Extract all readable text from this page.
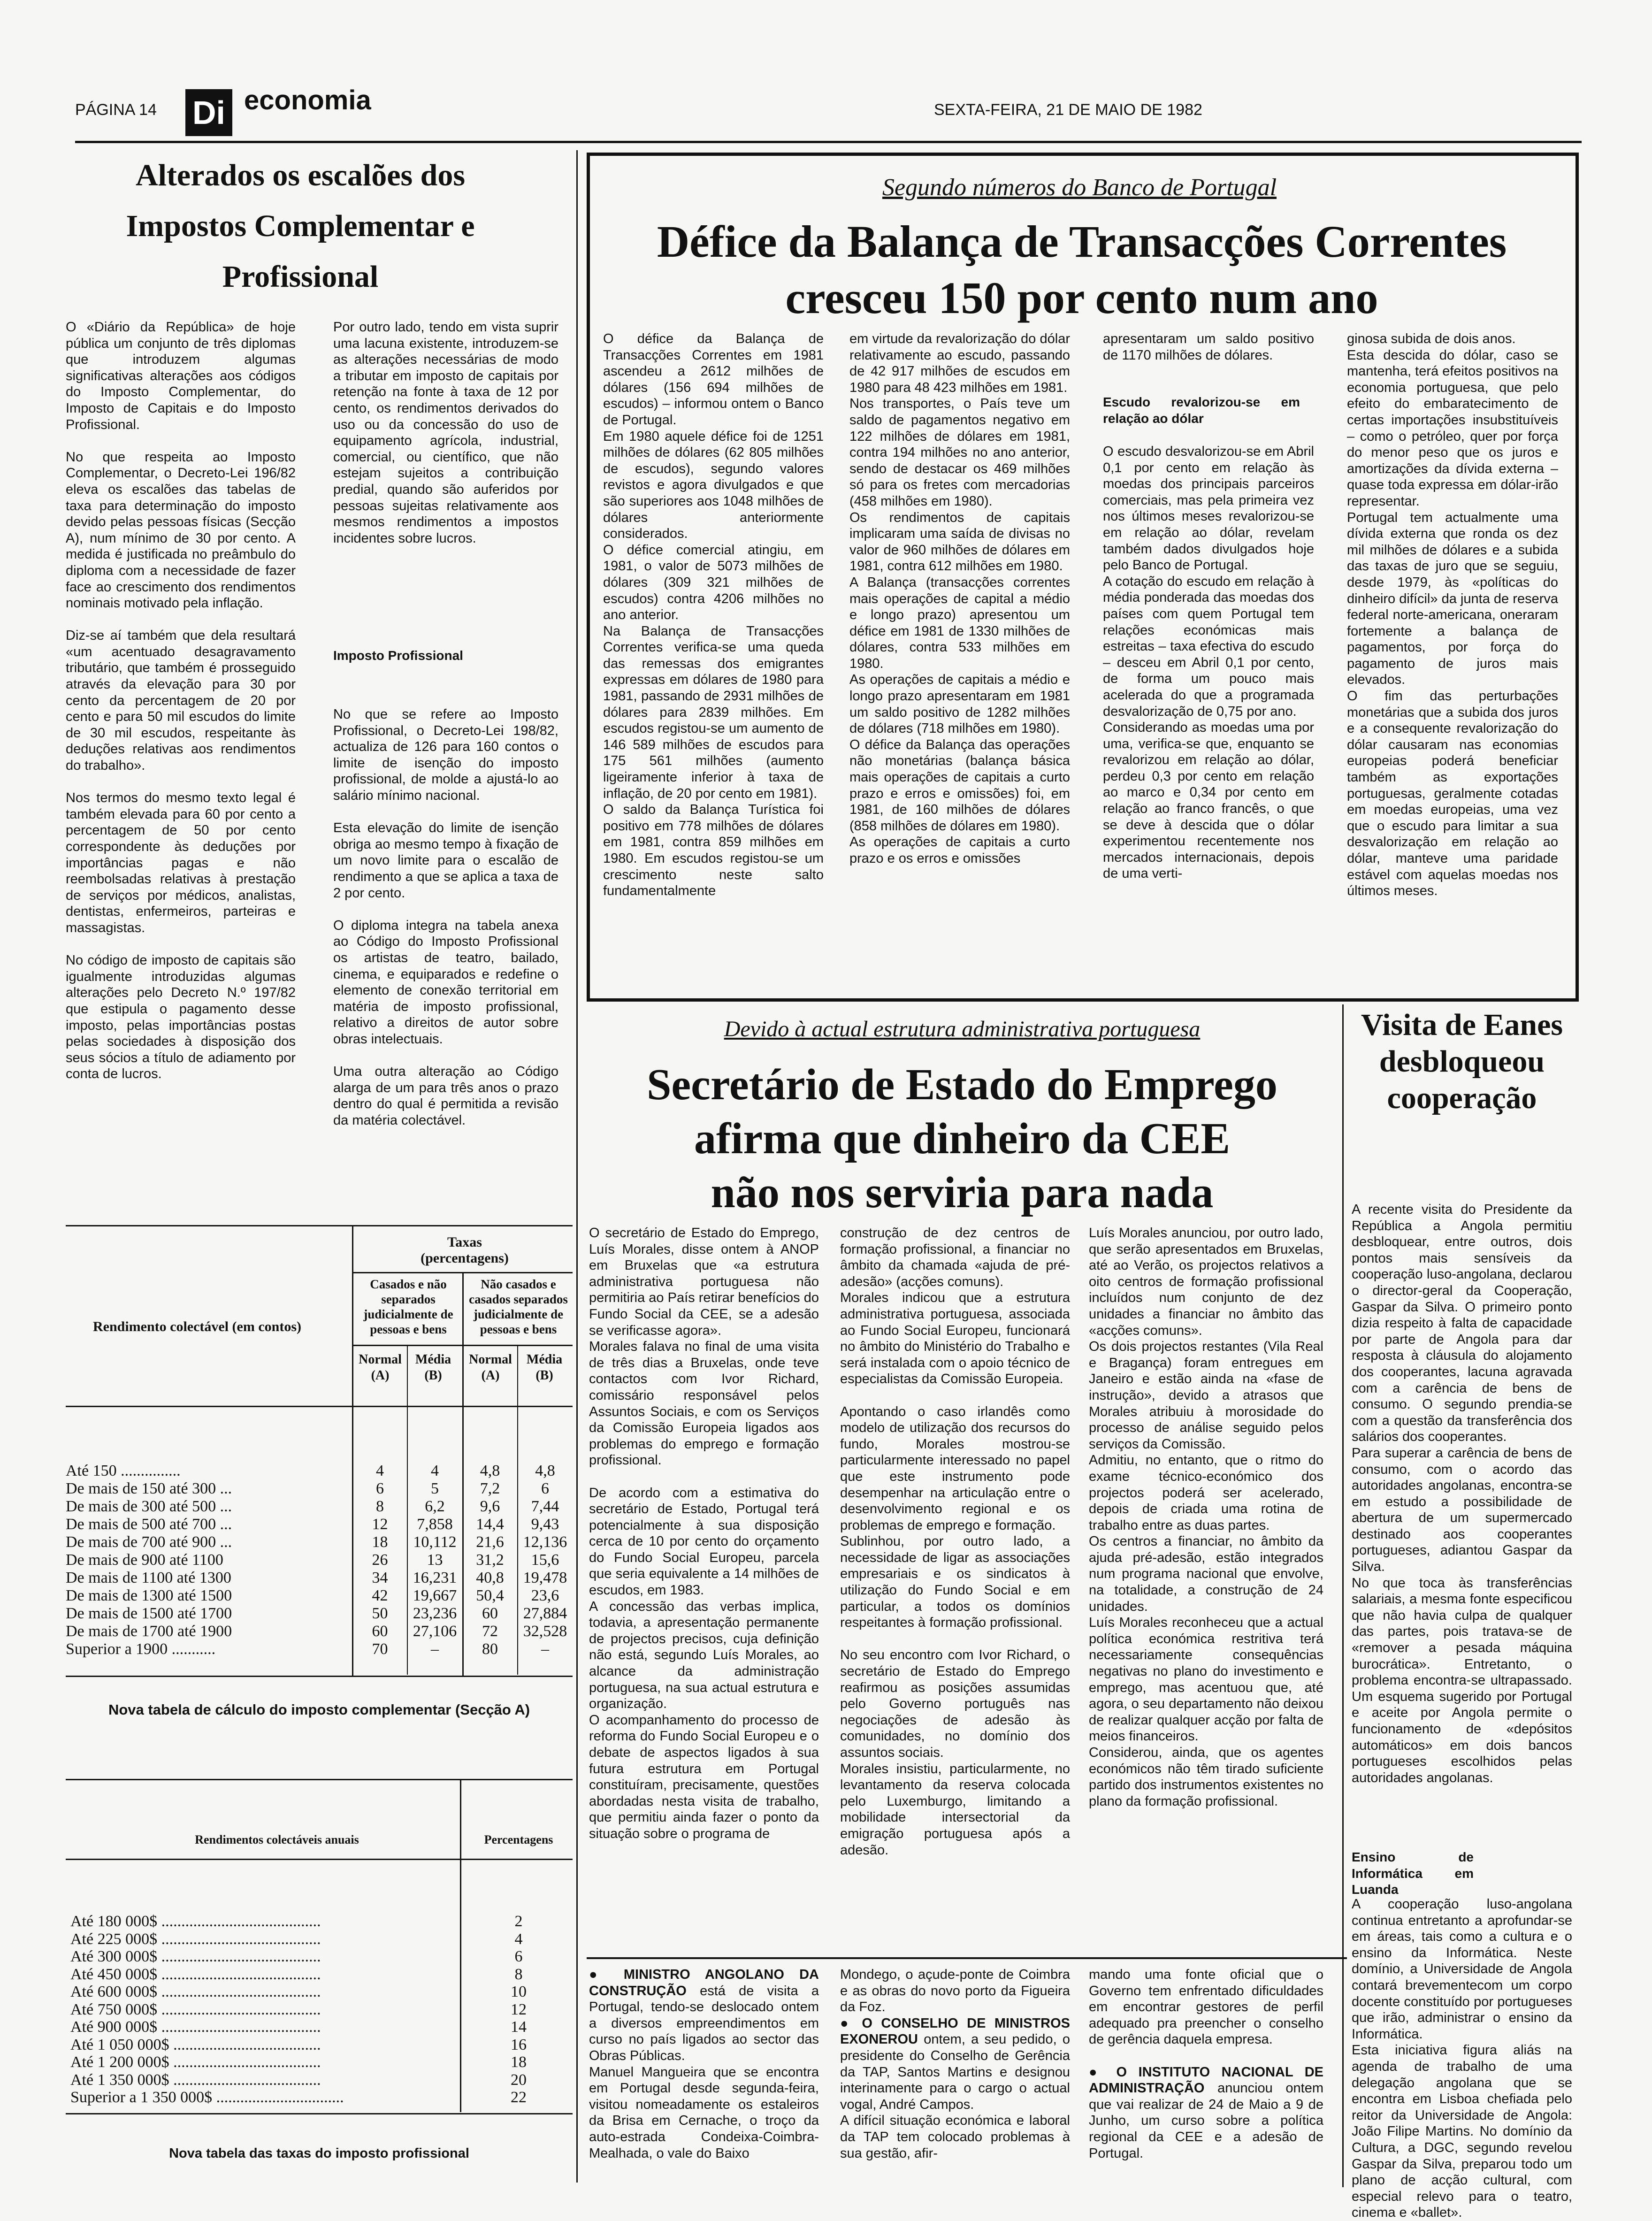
PÁGINA 14 Di economia	SEXTA-FEIRA, 21 DE MAIO DE 1982
Alterados os escalões dos Impostos Complementar e Profissional
O «Diário da República» de hoje pública um conjunto de três diplomas que introduzem algumas significativas alterações aos códigos do Imposto Complementar, do Imposto de Capitais e do Imposto Profissional.

No que respeita ao Imposto Complementar, o Decreto-Lei 196/82 eleva os escalões das tabelas de taxa para determinação do imposto devido pelas pessoas físicas (Secção A), num mínimo de 30 por cento. A medida é justificada no preâmbulo do diploma com a necessidade de fazer face ao crescimento dos rendimentos nominais motivado pela inflação.

Diz-se aí também que dela resultará «um acentuado desagravamento tributário, que também é prosseguido através da elevação para 30 por cento da percentagem de 20 por cento e para 50 mil escudos do limite de 30 mil escudos, respeitante às deduções relativas aos rendimentos do trabalho».

Nos termos do mesmo texto legal é também elevada para 60 por cento a percentagem de 50 por cento correspondente às deduções por importâncias pagas e não reembolsadas relativas à prestação de serviços por médicos, analistas, dentistas, enfermeiros, parteiras e massagistas.

No código de imposto de capitais são igualmente introduzidas algumas alterações pelo Decreto N.º 197/82 que estipula o pagamento desse imposto, pelas importâncias postas pelas sociedades à disposição dos seus sócios a título de adiamento por conta de lucros.
Por outro lado, tendo em vista suprir uma lacuna existente, introduzem-se as alterações necessárias de modo a tributar em imposto de capitais por retenção na fonte à taxa de 12 por cento, os rendimentos derivados do uso ou da concessão do uso de equipamento agrícola, industrial, comercial, ou científico, que não estejam sujeitos a contribuição predial, quando são auferidos por pessoas sujeitas relativamente aos mesmos rendimentos a impostos incidentes sobre lucros.
Imposto Profissional
No que se refere ao Imposto Profissional, o Decreto-Lei 198/82, actualiza de 126 para 160 contos o limite de isenção do imposto profissional, de molde a ajustá-lo ao salário mínimo nacional.

Esta elevação do limite de isenção obriga ao mesmo tempo à fixação de um novo limite para o escalão de rendimento a que se aplica a taxa de 2 por cento.

O diploma integra na tabela anexa ao Código do Imposto Profissional os artistas de teatro, bailado, cinema, e equiparados e redefine o elemento de conexão territorial em matéria de imposto profissional, relativo a direitos de autor sobre obras intelectuais.

Uma outra alteração ao Código alarga de um para três anos o prazo dentro do qual é permitida a revisão da matéria colectável.
Rendimento colectável (em contos)
Taxas (percentagens)
Casados e não separados judicialmente de pessoas e bens
Não casados e casados separados judicialmente de pessoas e bens
Normal (A)
Média (B)
Normal (A)
Média (B)
Até 150 ...............	4	4	4,8	4,8
De mais de 150 até 300 ...	6	5	7,2	6
De mais de 300 até 500 ...	8	6,2	9,6	7,44
De mais de 500 até 700 ...	12	7,858	14,4	9,43
De mais de 700 até 900 ...	18	10,112	21,6	12,136
De mais de 900 até 1100	26	13	31,2	15,6
De mais de 1100 até 1300	34	16,231	40,8	19,478
De mais de 1300 até 1500	42	19,667	50,4	23,6
De mais de 1500 até 1700	50	23,236	60	27,884
De mais de 1700 até 1900	60	27,106	72	32,528
Superior a 1900 ...........	70	–	80	–
Nova tabela de cálculo do imposto complementar (Secção A)
Rendimentos colectáveis anuais	Percentagens
Até 180 000$ ........................................	2
Até 225 000$ ........................................	4
Até 300 000$ ........................................	6
Até 450 000$ ........................................	8
Até 600 000$ ........................................	10
Até 750 000$ ........................................	12
Até 900 000$ ........................................	14
Até 1 050 000$ .....................................	16
Até 1 200 000$ .....................................	18
Até 1 350 000$ .....................................	20
Superior a 1 350 000$ ................................	22
Nova tabela das taxas do imposto profissional
Segundo números do Banco de Portugal
Défice da Balança de Transacções Correntes
cresceu 150 por cento num ano
O défice da Balança de Transacções Correntes em 1981 ascendeu a 2612 milhões de dólares (156 694 milhões de escudos) – informou ontem o Banco de Portugal.
Em 1980 aquele défice foi de 1251 milhões de dólares (62 805 milhões de escudos), segundo valores revistos e agora divulgados e que são superiores aos 1048 milhões de dólares anteriormente considerados.
O défice comercial atingiu, em 1981, o valor de 5073 milhões de dólares (309 321 milhões de escudos) contra 4206 milhões no ano anterior.
Na Balança de Transacções Correntes verifica-se uma queda das remessas dos emigrantes expressas em dólares de 1980 para 1981, passando de 2931 milhões de dólares para 2839 milhões. Em escudos registou-se um aumento de 146 589 milhões de escudos para 175 561 milhões (aumento ligeiramente inferior à taxa de inflação, de 20 por cento em 1981).
O saldo da Balança Turística foi positivo em 778 milhões de dólares em 1981, contra 859 milhões em 1980. Em escudos registou-se um crescimento neste salto fundamentalmente
em virtude da revalorização do dólar relativamente ao escudo, passando de 42 917 milhões de escudos em 1980 para 48 423 milhões em 1981.
Nos transportes, o País teve um saldo de pagamentos negativo em 122 milhões de dólares em 1981, contra 194 milhões no ano anterior, sendo de destacar os 469 milhões só para os fretes com mercadorias (458 milhões em 1980).
Os rendimentos de capitais implicaram uma saída de divisas no valor de 960 milhões de dólares em 1981, contra 612 milhões em 1980.
A Balança (transacções correntes mais operações de capital a médio e longo prazo) apresentou um défice em 1981 de 1330 milhões de dólares, contra 533 milhões em 1980.
As operações de capitais a médio e longo prazo apresentaram em 1981 um saldo positivo de 1282 milhões de dólares (718 milhões em 1980).
O défice da Balança das operações não monetárias (balança básica mais operações de capitais a curto prazo e erros e omissões) foi, em 1981, de 160 milhões de dólares (858 milhões de dólares em 1980).
As operações de capitais a curto prazo e os erros e omissões
apresentaram um saldo positivo de 1170 milhões de dólares.
Escudo revalorizou-se em relação ao dólar
O escudo desvalorizou-se em Abril 0,1 por cento em relação às moedas dos principais parceiros comerciais, mas pela primeira vez nos últimos meses revalorizou-se em relação ao dólar, revelam também dados divulgados hoje pelo Banco de Portugal.
A cotação do escudo em relação à média ponderada das moedas dos países com quem Portugal tem relações económicas mais estreitas – taxa efectiva do escudo – desceu em Abril 0,1 por cento, de forma um pouco mais acelerada do que a programada desvalorização de 0,75 por ano.
Considerando as moedas uma por uma, verifica-se que, enquanto se revalorizou em relação ao dólar, perdeu 0,3 por cento em relação ao marco e 0,34 por cento em relação ao franco francês, o que se deve à descida que o dólar experimentou recentemente nos mercados internacionais, depois de uma verti-
ginosa subida de dois anos.
Esta descida do dólar, caso se mantenha, terá efeitos positivos na economia portuguesa, que pelo efeito do embaratecimento de certas importações insubstituíveis – como o petróleo, quer por força do menor peso que os juros e amortizações da dívida externa – quase toda expressa em dólar-irão representar.
Portugal tem actualmente uma dívida externa que ronda os dez mil milhões de dólares e a subida das taxas de juro que se seguiu, desde 1979, às «políticas do dinheiro difícil» da junta de reserva federal norte-americana, oneraram fortemente a balança de pagamentos, por força do pagamento de juros mais elevados.
O fim das perturbações monetárias que a subida dos juros e a consequente revalorização do dólar causaram nas economias europeias poderá beneficiar também as exportações portuguesas, geralmente cotadas em moedas europeias, uma vez que o escudo para limitar a sua desvalorização em relação ao dólar, manteve uma paridade estável com aquelas moedas nos últimos meses.
Devido à actual estrutura administrativa portuguesa
Secretário de Estado do Emprego
afirma que dinheiro da CEE
não nos serviria para nada
O secretário de Estado do Emprego, Luís Morales, disse ontem à ANOP em Bruxelas que «a estrutura administrativa portuguesa não permitiria ao País retirar benefícios do Fundo Social da CEE, se a adesão se verificasse agora».
Morales falava no final de uma visita de três dias a Bruxelas, onde teve contactos com Ivor Richard, comissário responsável pelos Assuntos Sociais, e com os Serviços da Comissão Europeia ligados aos problemas do emprego e formação profissional.

De acordo com a estimativa do secretário de Estado, Portugal terá potencialmente à sua disposição cerca de 10 por cento do orçamento do Fundo Social Europeu, parcela que seria equivalente a 14 milhões de escudos, em 1983.
A concessão das verbas implica, todavia, a apresentação permanente de projectos precisos, cuja definição não está, segundo Luís Morales, ao alcance da administração portuguesa, na sua actual estrutura e organização.
O acompanhamento do processo de reforma do Fundo Social Europeu e o debate de aspectos ligados à sua futura estrutura em Portugal constituíram, precisamente, questões abordadas nesta visita de trabalho, que permitiu ainda fazer o ponto da situação sobre o programa de
construção de dez centros de formação profissional, a financiar no âmbito da chamada «ajuda de pré-adesão» (acções comuns).
Morales indicou que a estrutura administrativa portuguesa, associada ao Fundo Social Europeu, funcionará no âmbito do Ministério do Trabalho e será instalada com o apoio técnico de especialistas da Comissão Europeia.

Apontando o caso irlandês como modelo de utilização dos recursos do fundo, Morales mostrou-se particularmente interessado no papel que este instrumento pode desempenhar na articulação entre o desenvolvimento regional e os problemas de emprego e formação.
Sublinhou, por outro lado, a necessidade de ligar as associações empresariais e os sindicatos à utilização do Fundo Social e em particular, a todos os domínios respeitantes à formação profissional.

No seu encontro com Ivor Richard, o secretário de Estado do Emprego reafirmou as posições assumidas pelo Governo português nas negociações de adesão às comunidades, no domínio dos assuntos sociais.
Morales insistiu, particularmente, no levantamento da reserva colocada pelo Luxemburgo, limitando a mobilidade intersectorial da emigração portuguesa após a adesão.
Luís Morales anunciou, por outro lado, que serão apresentados em Bruxelas, até ao Verão, os projectos relativos a oito centros de formação profissional incluídos num conjunto de dez unidades a financiar no âmbito das «acções comuns».
Os dois projectos restantes (Vila Real e Bragança) foram entregues em Janeiro e estão ainda na «fase de instrução», devido a atrasos que Morales atribuiu à morosidade do processo de análise seguido pelos serviços da Comissão.
Admitiu, no entanto, que o ritmo do exame técnico-económico dos projectos poderá ser acelerado, depois de criada uma rotina de trabalho entre as duas partes.
Os centros a financiar, no âmbito da ajuda pré-adesão, estão integrados num programa nacional que envolve, na totalidade, a construção de 24 unidades.
Luís Morales reconheceu que a actual política económica restritiva terá necessariamente consequências negativas no plano do investimento e emprego, mas acentuou que, até agora, o seu departamento não deixou de realizar qualquer acção por falta de meios financeiros.
Considerou, ainda, que os agentes económicos não têm tirado suficiente partido dos instrumentos existentes no plano da formação profissional.
● MINISTRO ANGOLANO DA CONSTRUÇÃO está de visita a Portugal, tendo-se deslocado ontem a diversos empreendimentos em curso no país ligados ao sector das Obras Públicas.
Manuel Mangueira que se encontra em Portugal desde segunda-feira, visitou nomeadamente os estaleiros da Brisa em Cernache, o troço da auto-estrada Condeixa-Coimbra-Mealhada, o vale do Baixo
Mondego, o açude-ponte de Coimbra e as obras do novo porto da Figueira da Foz.
● O CONSELHO DE MINISTROS EXONEROU ontem, a seu pedido, o presidente do Conselho de Gerência da TAP, Santos Martins e designou interinamente para o cargo o actual vogal, André Campos.
A difícil situação económica e laboral da TAP tem colocado problemas à sua gestão, afir-
mando uma fonte oficial que o Governo tem enfrentado dificuldades em encontrar gestores de perfil adequado pra preencher o conselho de gerência daquela empresa.

● O INSTITUTO NACIONAL DE ADMINISTRAÇÃO anunciou ontem que vai realizar de 24 de Maio a 9 de Junho, um curso sobre a política regional da CEE e a adesão de Portugal.
Visita de Eanes desbloqueou cooperação
A recente visita do Presidente da República a Angola permitiu desbloquear, entre outros, dois pontos mais sensíveis da cooperação luso-angolana, declarou o director-geral da Cooperação, Gaspar da Silva. O primeiro ponto dizia respeito à falta de capacidade por parte de Angola para dar resposta à cláusula do alojamento dos cooperantes, lacuna agravada com a carência de bens de consumo. O segundo prendia-se com a questão da transferência dos salários dos cooperantes.
Para superar a carência de bens de consumo, com o acordo das autoridades angolanas, encontra-se em estudo a possibilidade de abertura de um supermercado destinado aos cooperantes portugueses, adiantou Gaspar da Silva.
No que toca às transferências salariais, a mesma fonte especificou que não havia culpa de qualquer das partes, pois tratava-se de «remover a pesada máquina burocrática». Entretanto, o problema encontra-se ultrapassado. Um esquema sugerido por Portugal e aceite por Angola permite o funcionamento de «depósitos automáticos» em dois bancos portugueses escolhidos pelas autoridades angolanas.
Ensino de Informática em Luanda
A cooperação luso-angolana continua entretanto a aprofundar-se em áreas, tais como a cultura e o ensino da Informática. Neste domínio, a Universidade de Angola contará brevementecom um corpo docente constituído por portugueses que irão, administrar o ensino da Informática.
Esta iniciativa figura aliás na agenda de trabalho de uma delegação angolana que se encontra em Lisboa chefiada pelo reitor da Universidade de Angola: João Filipe Martins. No domínio da Cultura, a DGC, segundo revelou Gaspar da Silva, preparou todo um plano de acção cultural, com especial relevo para o teatro, cinema e «ballet».
